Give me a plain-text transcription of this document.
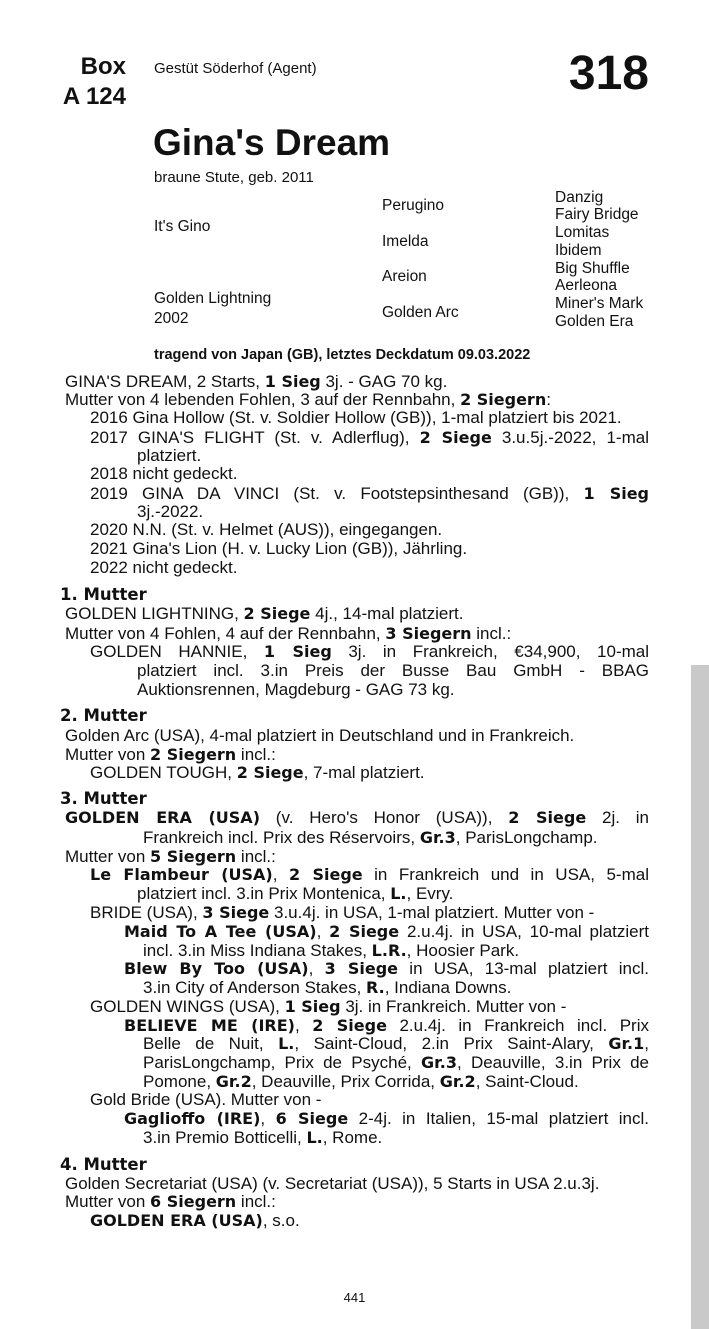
Box
A 124
Gestüt Söderhof (Agent)	318
Gina's Dream
braune Stute, geb. 2011
It's Gino
Golden Lightning
2002
Perugino
Imelda
Areion
Golden Arc
Danzig
Fairy Bridge
Lomitas
Ibidem
Big Shuffle
Aerleona
Miner's Mark
Golden Era
tragend von Japan (GB), letztes Deckdatum 09.03.2022
GINA'S DREAM, 2 Starts, 1 Sieg 3j. - GAG 70 kg.
Mutter von 4 lebenden Fohlen, 3 auf der Rennbahn, 2 Siegern:
2016 Gina Hollow (St. v. Soldier Hollow (GB)), 1-mal platziert bis 2021.
2017 GINA'S FLIGHT (St. v. Adlerflug), 2 Siege 3.u.5j.-2022, 1-mal
platziert.
2018 nicht gedeckt.
2019 GINA DA VINCI (St. v. Footstepsinthesand (GB)), 1 Sieg
3j.-2022.
2020 N.N. (St. v. Helmet (AUS)), eingegangen.
2021 Gina's Lion (H. v. Lucky Lion (GB)), Jährling.
2022 nicht gedeckt.
1. Mutter
GOLDEN LIGHTNING, 2 Siege 4j., 14-mal platziert.
Mutter von 4 Fohlen, 4 auf der Rennbahn, 3 Siegern incl.:
GOLDEN HANNIE, 1 Sieg 3j. in Frankreich, €34,900, 10-mal
platziert incl. 3.in Preis der Busse Bau GmbH - BBAG
Auktionsrennen, Magdeburg - GAG 73 kg.
2. Mutter
Golden Arc (USA), 4-mal platziert in Deutschland und in Frankreich.
Mutter von 2 Siegern incl.:
GOLDEN TOUGH, 2 Siege, 7-mal platziert.
3. Mutter
GOLDEN ERA (USA) (v. Hero's Honor (USA)), 2 Siege 2j. in
Frankreich incl. Prix des Réservoirs, Gr.3, ParisLongchamp.
Mutter von 5 Siegern incl.:
Le Flambeur (USA), 2 Siege in Frankreich und in USA, 5-mal
platziert incl. 3.in Prix Montenica, L., Evry.
BRIDE (USA), 3 Siege 3.u.4j. in USA, 1-mal platziert. Mutter von -
Maid To A Tee (USA), 2 Siege 2.u.4j. in USA, 10-mal platziert
incl. 3.in Miss Indiana Stakes, L.R., Hoosier Park.
Blew By Too (USA), 3 Siege in USA, 13-mal platziert incl.
3.in City of Anderson Stakes, R., Indiana Downs.
GOLDEN WINGS (USA), 1 Sieg 3j. in Frankreich. Mutter von -
BELIEVE ME (IRE), 2 Siege 2.u.4j. in Frankreich incl. Prix
Belle de Nuit, L., Saint-Cloud, 2.in Prix Saint-Alary, Gr.1,
ParisLongchamp, Prix de Psyché, Gr.3, Deauville, 3.in Prix de
Pomone, Gr.2, Deauville, Prix Corrida, Gr.2, Saint-Cloud.
Gold Bride (USA). Mutter von -
Gaglioffo (IRE), 6 Siege 2-4j. in Italien, 15-mal platziert incl.
3.in Premio Botticelli, L., Rome.
4. Mutter
Golden Secretariat (USA) (v. Secretariat (USA)), 5 Starts in USA 2.u.3j.
Mutter von 6 Siegern incl.:
GOLDEN ERA (USA), s.o.
441
